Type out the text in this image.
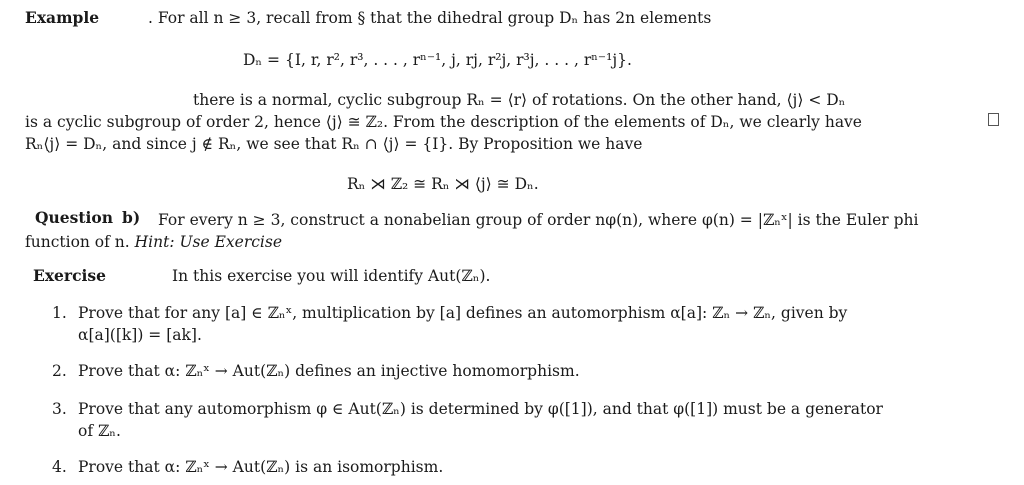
Example	. For all n ≥ 3, recall from § that the dihedral group Dₙ has 2n elements
Dₙ = {I, r, r², r³, . . . , rⁿ⁻¹, j, rj, r²j, r³j, . . . , rⁿ⁻¹j}.
there is a normal, cyclic subgroup Rₙ = ⟨r⟩ of rotations. On the other hand, ⟨j⟩ < Dₙ
is a cyclic subgroup of order 2, hence ⟨j⟩ ≅ ℤ₂. From the description of the elements of Dₙ, we clearly have
Rₙ⟨j⟩ = Dₙ, and since j ∉ Rₙ, we see that Rₙ ∩ ⟨j⟩ = {I}. By Proposition we have
Rₙ ⋊ ℤ₂ ≅ Rₙ ⋊ ⟨j⟩ ≅ Dₙ.
Question b) For every n ≥ 3, construct a nonabelian group of order nφ(n), where φ(n) = |ℤₙˣ| is the Euler phi
function of n. Hint: Use Exercise
Exercise	In this exercise you will identify Aut(ℤₙ).
1. Prove that for any [a] ∈ ℤₙˣ, multiplication by [a] defines an automorphism α[a]: ℤₙ → ℤₙ, given by
α[a]([k]) = [ak].
2. Prove that α: ℤₙˣ → Aut(ℤₙ) defines an injective homomorphism.
3. Prove that any automorphism φ ∈ Aut(ℤₙ) is determined by φ([1]), and that φ([1]) must be a generator
of ℤₙ.
4. Prove that α: ℤₙˣ → Aut(ℤₙ) is an isomorphism.
